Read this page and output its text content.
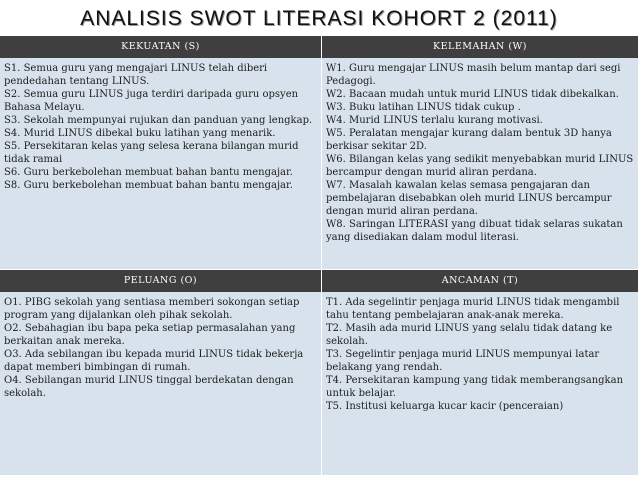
ANALISIS SWOT LITERASI KOHORT 2 (2011)
KEKUATAN (S)	KELEMAHAN (W)

S1. Semua guru yang mengajari LINUS telah diberi pendedahan tentang LINUS.

S2. Semua guru LINUS juga terdiri daripada guru opsyen Bahasa Melayu.

S3. Sekolah mempunyai rujukan dan panduan yang lengkap.

S4. Murid LINUS dibekal buku latihan yang menarik.

S5. Persekitaran kelas yang selesa kerana bilangan murid tidak ramai

S6. Guru berkebolehan membuat bahan bantu mengajar.

S8. Guru berkebolehan membuat bahan bantu mengajar.

W1. Guru mengajar LINUS masih belum mantap dari segi Pedagogi.

W2. Bacaan mudah untuk murid LINUS tidak dibekalkan.

W3. Buku latihan LINUS tidak cukup .

W4. Murid LINUS terlalu kurang motivasi.

W5. Peralatan mengajar kurang dalam bentuk 3D hanya berkisar sekitar 2D.

W6. Bilangan kelas yang sedikit menyebabkan murid LINUS bercampur dengan murid aliran perdana.

W7. Masalah kawalan kelas semasa pengajaran dan pembelajaran disebabkan oleh murid LINUS bercampur dengan murid aliran perdana.

W8. Saringan LITERASI yang dibuat tidak selaras sukatan yang disediakan dalam modul literasi.

PELUANG (O)	ANCAMAN (T)

O1. PIBG sekolah yang sentiasa memberi sokongan setiap program yang dijalankan oleh pihak sekolah.

O2. Sebahagian ibu bapa peka setiap permasalahan yang berkaitan anak mereka.

O3. Ada sebilangan ibu kepada murid LINUS tidak bekerja dapat memberi bimbingan di rumah.

O4. Sebilangan murid LINUS tinggal berdekatan dengan sekolah.

T1. Ada segelintir penjaga murid LINUS tidak mengambil tahu tentang pembelajaran anak-anak mereka.

T2. Masih ada murid LINUS yang selalu tidak datang ke sekolah.

T3. Segelintir penjaga murid LINUS mempunyai latar belakang yang rendah.

T4. Persekitaran kampung yang tidak memberangsangkan untuk belajar.

T5. Institusi keluarga kucar kacir (penceraian)
